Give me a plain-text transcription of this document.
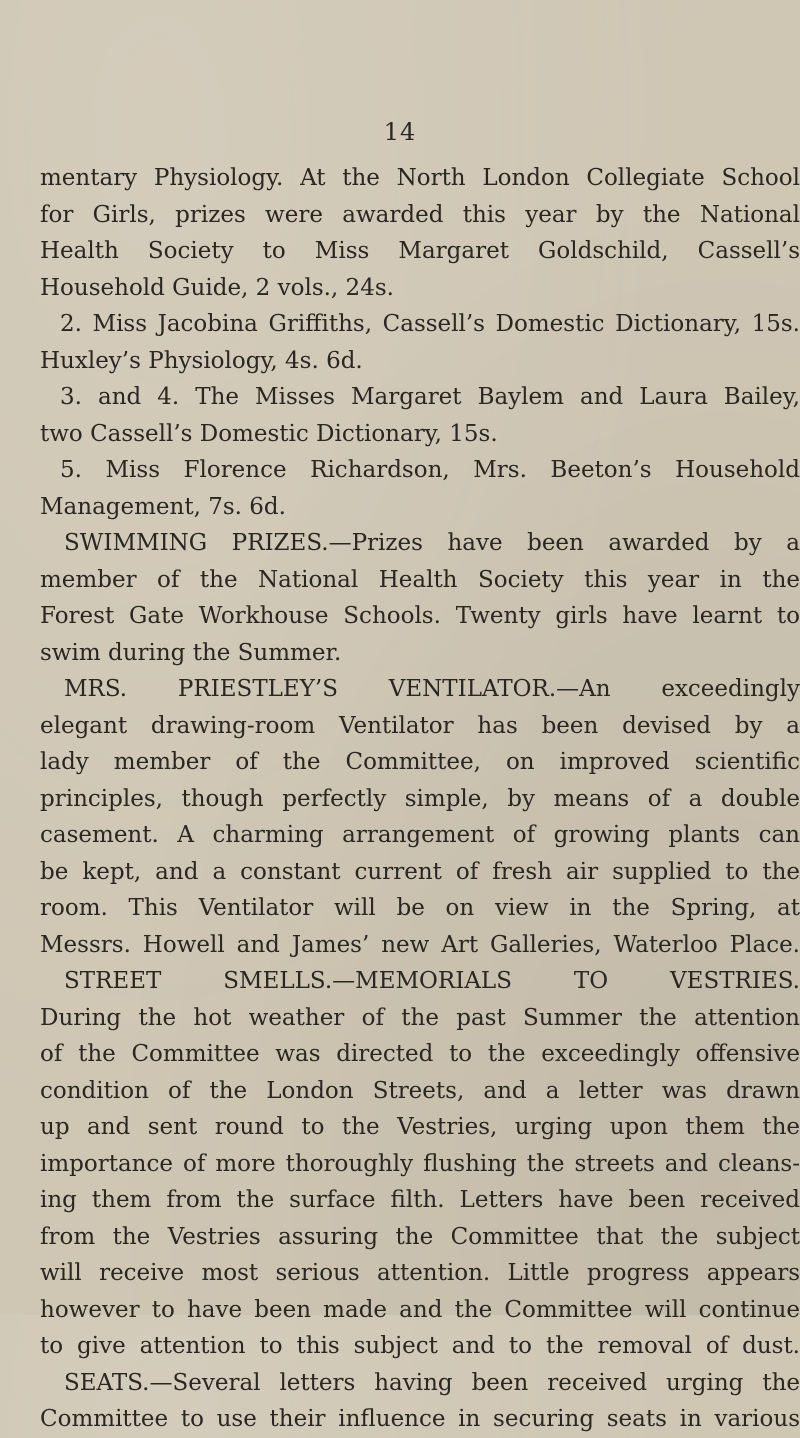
14
mentary Physiology. At the North London Collegiate School
for Girls, prizes were awarded this year by the National
Health Society to Miss Margaret Goldschild, Cassell’s
Household Guide, 2 vols., 24s.
2. Miss Jacobina Griffiths, Cassell’s Domestic Dictionary, 15s.
Huxley’s Physiology, 4s. 6d.
3. and 4. The Misses Margaret Baylem and Laura Bailey,
two Cassell’s Domestic Dictionary, 15s.
5. Miss Florence Richardson, Mrs. Beeton’s Household
Management, 7s. 6d.
SWIMMING PRIZES.—Prizes have been awarded by a
member of the National Health Society this year in the
Forest Gate Workhouse Schools. Twenty girls have learnt to
swim during the Summer.
MRS. PRIESTLEY’S VENTILATOR.—An exceedingly
elegant drawing-room Ventilator has been devised by a
lady member of the Committee, on improved scientific
principles, though perfectly simple, by means of a double
casement. A charming arrangement of growing plants can
be kept, and a constant current of fresh air supplied to the
room. This Ventilator will be on view in the Spring, at
Messrs. Howell and James’ new Art Galleries, Waterloo Place.
STREET SMELLS.—MEMORIALS TO VESTRIES.
During the hot weather of the past Summer the attention
of the Committee was directed to the exceedingly offensive
condition of the London Streets, and a letter was drawn
up and sent round to the Vestries, urging upon them the
importance of more thoroughly flushing the streets and cleans-
ing them from the surface filth. Letters have been received
from the Vestries assuring the Committee that the subject
will receive most serious attention. Little progress appears
however to have been made and the Committee will continue
to give attention to this subject and to the removal of dust.
SEATS.—Several letters having been received urging the
Committee to use their influence in securing seats in various
